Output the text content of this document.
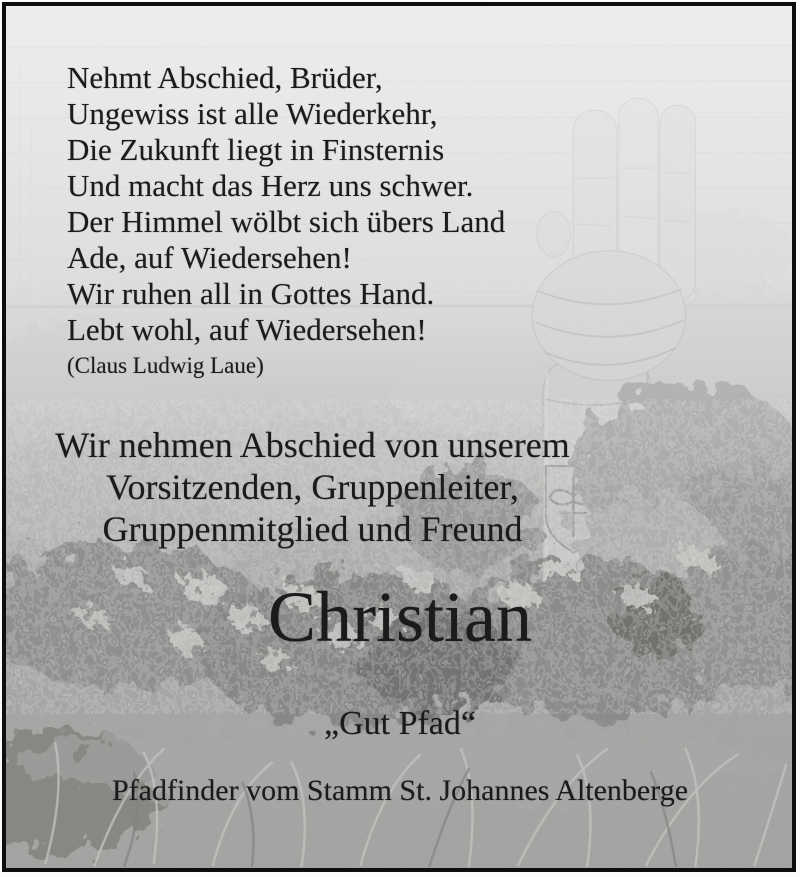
Nehmt Abschied, Brüder,
Ungewiss ist alle Wiederkehr,
Die Zukunft liegt in Finsternis
Und macht das Herz uns schwer.
Der Himmel wölbt sich übers Land
Ade, auf Wiedersehen!
Wir ruhen all in Gottes Hand.
Lebt wohl, auf Wiedersehen!
(Claus Ludwig Laue)
Wir nehmen Abschied von unserem
Vorsitzenden, Gruppenleiter,
Gruppenmitglied und Freund
Christian
„Gut Pfad“
Pfadfinder vom Stamm St. Johannes Altenberge
